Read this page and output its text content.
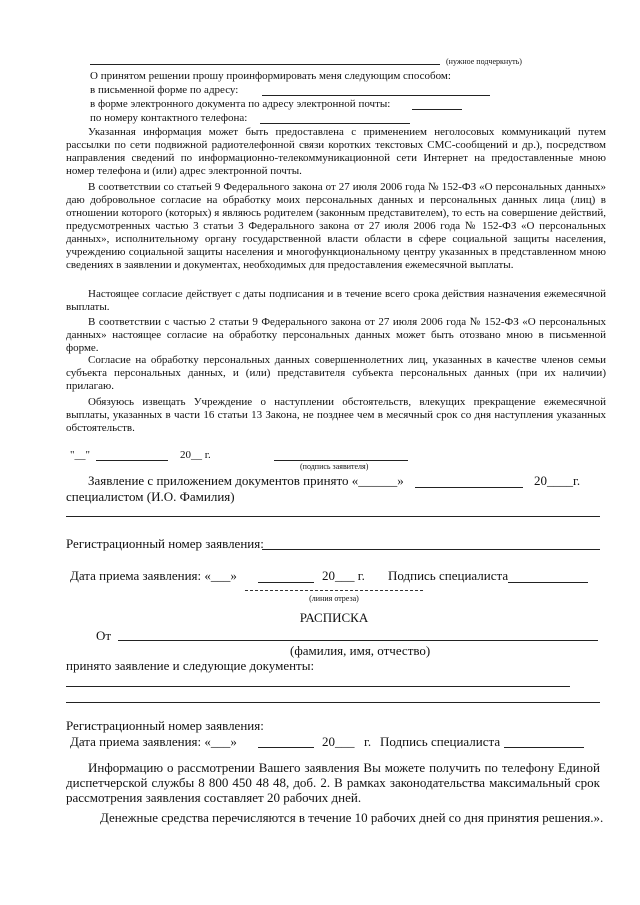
(нужное подчеркнуть)
О принятом решении прошу проинформировать меня следующим способом:
в письменной форме по адресу:
в форме электронного документа по адресу электронной почты:
по номеру контактного телефона:
Указанная информация может быть предоставлена с применением неголосовых коммуникаций путем рассылки по сети подвижной радиотелефонной связи коротких текстовых СМС-сообщений и др.), посредством направления сведений по информационно-телекоммуникационной сети Интернет на предоставленные мною номер телефона и (или) адрес электронной почты.
В соответствии со статьей 9 Федерального закона от 27 июля 2006 года № 152-ФЗ «О персональных данных» даю добровольное согласие на обработку моих персональных данных и персональных данных лица (лиц) в отношении которого (которых) я являюсь родителем (законным представителем), то есть на совершение действий, предусмотренных частью 3 статьи 3 Федерального закона от 27 июля 2006 года № 152-ФЗ «О персональных данных», исполнительному органу государственной власти области в сфере социальной защиты населения, учреждению социальной защиты населения и многофункциональному центру указанных в представленном мною сведениях в заявлении и документах, необходимых для предоставления ежемесячной выплаты.
Настоящее согласие действует с даты подписания и в течение всего срока действия назначения ежемесячной выплаты.
В соответствии с частью 2 статьи 9 Федерального закона от 27 июля 2006 года № 152-ФЗ «О персональных данных» настоящее согласие на обработку персональных данных может быть отозвано мною в письменной форме.
Согласие на обработку персональных данных совершеннолетних лиц, указанных в качестве членов семьи субъекта персональных данных, и (или) представителя субъекта персональных данных (при их наличии) прилагаю.
Обязуюсь извещать Учреждение о наступлении обстоятельств, влекущих прекращение ежемесячной выплаты, указанных в части 16 статьи 13 Закона, не позднее чем в месячный срок со дня наступления указанных обстоятельств.
"__"	20__ г.
(подпись заявителя)
Заявление с приложением документов принято «______»	20____г.
специалистом (И.О. Фамилия)
Регистрационный номер заявления:
Дата приема заявления: «___»	20___ г. Подпись специалиста
(линия отреза)
РАСПИСКА
От
(фамилия, имя, отчество)
принято заявление и следующие документы:
Регистрационный номер заявления:
Дата приема заявления: «___»	20___ г. Подпись специалиста
Информацию о рассмотрении Вашего заявления Вы можете получить по телефону Единой диспетчерской службы 8 800 450 48 48, доб. 2. В рамках законодательства максимальный срок рассмотрения заявления составляет 20 рабочих дней.
Денежные средства перечисляются в течение 10 рабочих дней со дня принятия решения.».
